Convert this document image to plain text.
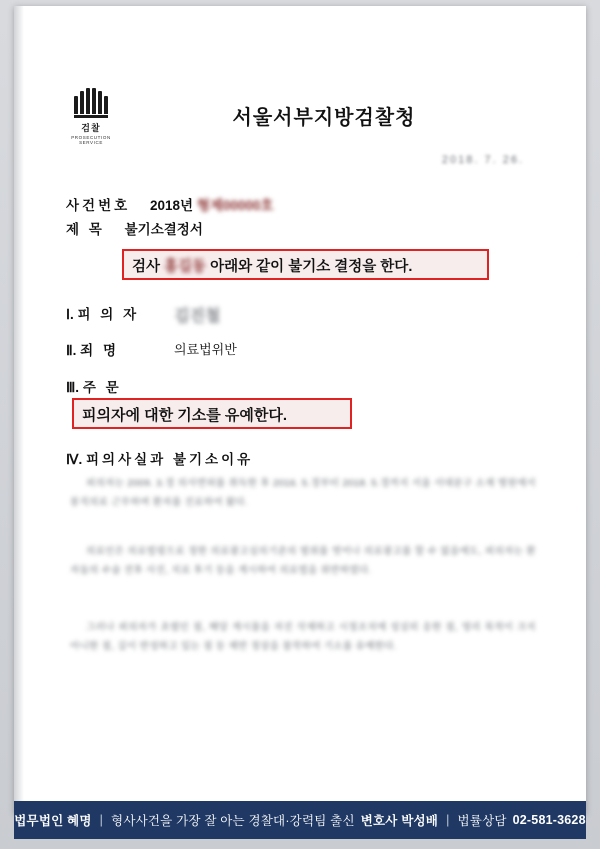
검찰
PROSECUTION SERVICE
서울서부지방검찰청
2018. 7. 26.
사건번호 2018년 형제00000호
제 목 불기소결정서
검사 홍길동 아래와 같이 불기소 결정을 한다.
Ⅰ. 피 의 자 김진철
Ⅱ. 죄 명	의료법위반
Ⅲ. 주 문
피의자에 대한 기소를 유예한다.
Ⅳ. 피의사실과 불기소이유
피의자는 2009. 3.경 의사면허를 취득한 후 2016. 5.경부터 2018. 5.경까지 서울 서대문구 소재 병원에서 봉직의로 근무하며 환자를 진료하여 왔다.
의료인은 의료법령으로 정한 의료광고심의기준의 범위를 벗어나 의료광고를 할 수 없음에도, 피의자는 환자들의 수술 전후 사진, 치료 후기 등을 게시하여 의료법을 위반하였다.
그러나 피의자가 초범인 점, 해당 게시물을 자진 삭제하고 시정조치에 성실히 응한 점, 영리 목적이 크지 아니한 점, 깊이 반성하고 있는 점 등 제반 정상을 참작하여 기소를 유예한다.
법무법인 혜명 | 형사사건을 가장 잘 아는 경찰대·강력팀 출신 변호사 박성배 | 법률상담 02-581-3628
